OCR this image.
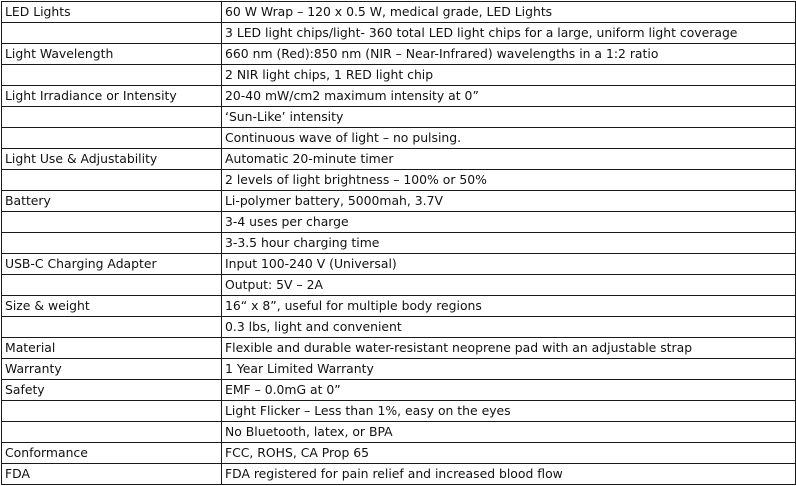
LED Lights	60 W Wrap – 120 x 0.5 W, medical grade, LED Lights
	3 LED light chips/light- 360 total LED light chips for a large, uniform light coverage
Light Wavelength	660 nm (Red):850 nm (NIR – Near-Infrared) wavelengths in a 1:2 ratio
	2 NIR light chips, 1 RED light chip
Light Irradiance or Intensity	20-40 mW/cm2 maximum intensity at 0”
	‘Sun-Like’ intensity
	Continuous wave of light – no pulsing.
Light Use & Adjustability	Automatic 20-minute timer
	2 levels of light brightness – 100% or 50%
Battery	Li-polymer battery, 5000mah, 3.7V
	3-4 uses per charge
	3-3.5 hour charging time
USB-C Charging Adapter	Input 100-240 V (Universal)
	Output: 5V – 2A
Size & weight	16“ x 8”, useful for multiple body regions
	0.3 lbs, light and convenient
Material	Flexible and durable water-resistant neoprene pad with an adjustable strap
Warranty	1 Year Limited Warranty
Safety	EMF – 0.0mG at 0”
	Light Flicker – Less than 1%, easy on the eyes
	No Bluetooth, latex, or BPA
Conformance	FCC, ROHS, CA Prop 65
FDA	FDA registered for pain relief and increased blood flow
